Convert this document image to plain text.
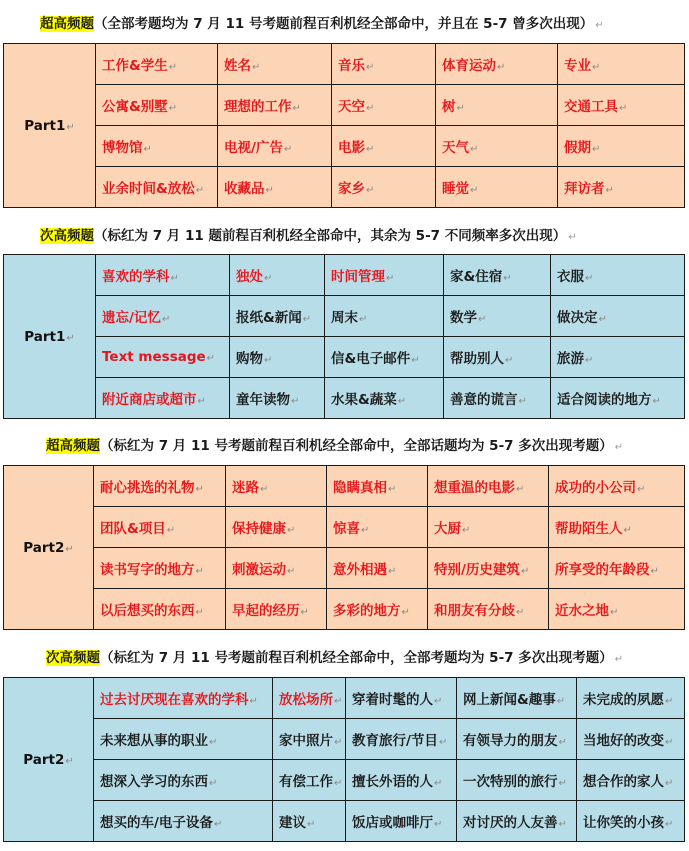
超高频题（全部考题均为 7 月 11 号考题前程百利机经全部命中，并且在 5-7 曾多次出现） ↵
Part1↵	工作&学生↵	姓名↵	音乐↵	体育运动↵	专业↵
	公寓&别墅↵	理想的工作↵	天空↵	树↵	交通工具↵
	博物馆↵	电视/广告↵	电影↵	天气↵	假期↵
	业余时间&放松↵	收藏品↵	家乡↵	睡觉↵	拜访者↵
次高频题（标红为 7 月 11 题前程百利机经全部命中，其余为 5-7 不同频率多次出现） ↵
Part1↵	喜欢的学科↵	独处↵	时间管理↵	家&住宿↵	衣服↵
	遗忘/记忆↵	报纸&新闻↵	周末↵	数学↵	做决定↵
	Text message↵	购物↵	信&电子邮件↵	帮助别人↵	旅游↵
	附近商店或超市↵	童年读物↵	水果&蔬菜↵	善意的谎言↵	适合阅读的地方↵
超高频题（标红为 7 月 11 号考题前程百利机经全部命中，全部话题均为 5-7 多次出现考题） ↵
Part2↵	耐心挑选的礼物↵	迷路↵	隐瞒真相↵	想重温的电影↵	成功的小公司↵
	团队&项目↵	保持健康↵	惊喜↵	大厨↵	帮助陌生人↵
	读书写字的地方↵	刺激运动↵	意外相遇↵	特别/历史建筑↵	所享受的年龄段↵
	以后想买的东西↵	早起的经历↵	多彩的地方↵	和朋友有分歧↵	近水之地↵
次高频题（标红为 7 月 11 号考题前程百利机经全部命中，全部考题均为 5-7 多次出现考题） ↵
Part2↵	过去讨厌现在喜欢的学科↵	放松场所↵	穿着时髦的人↵	网上新闻&趣事↵	未完成的夙愿↵
	未来想从事的职业↵	家中照片↵	教育旅行/节目↵	有领导力的朋友↵	当地好的改变↵
	想深入学习的东西↵	有偿工作↵	擅长外语的人↵	一次特别的旅行↵	想合作的家人↵
	想买的车/电子设备↵	建议↵	饭店或咖啡厅↵	对讨厌的人友善↵	让你笑的小孩↵
